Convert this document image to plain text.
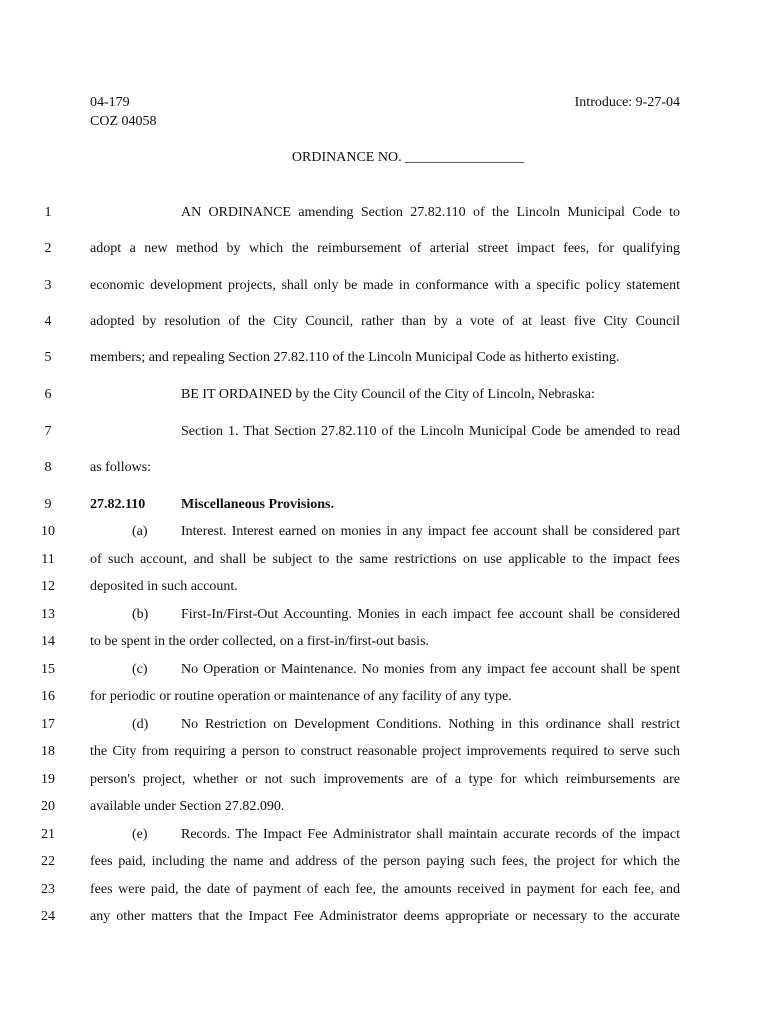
04-179
COZ 04058
Introduce: 9-27-04
ORDINANCE NO. _________________
1
2
3
4
5
6
7
8
9
10
11
12
13
14
15
16
17
18
19
20
21
22
23
24
AN ORDINANCE amending Section 27.82.110 of the Lincoln Municipal Code to
adopt a new method by which the reimbursement of arterial street impact fees, for qualifying
economic development projects, shall only be made in conformance with a specific policy statement
adopted by resolution of the City Council, rather than by a vote of at least five City Council
members; and repealing Section 27.82.110 of the Lincoln Municipal Code as hitherto existing.
BE IT ORDAINED by the City Council of the City of Lincoln, Nebraska:
Section 1. That Section 27.82.110 of the Lincoln Municipal Code be amended to read
as follows:
27.82.110	Miscellaneous Provisions.
(a) Interest. Interest earned on monies in any impact fee account shall be considered part
of such account, and shall be subject to the same restrictions on use applicable to the impact fees
deposited in such account.
(b) First-In/First-Out Accounting. Monies in each impact fee account shall be considered
to be spent in the order collected, on a first-in/first-out basis.
(c) No Operation or Maintenance. No monies from any impact fee account shall be spent
for periodic or routine operation or maintenance of any facility of any type.
(d) No Restriction on Development Conditions. Nothing in this ordinance shall restrict
the City from requiring a person to construct reasonable project improvements required to serve such
person's project, whether or not such improvements are of a type for which reimbursements are
available under Section 27.82.090.
(e) Records. The Impact Fee Administrator shall maintain accurate records of the impact
fees paid, including the name and address of the person paying such fees, the project for which the
fees were paid, the date of payment of each fee, the amounts received in payment for each fee, and
any other matters that the Impact Fee Administrator deems appropriate or necessary to the accurate
